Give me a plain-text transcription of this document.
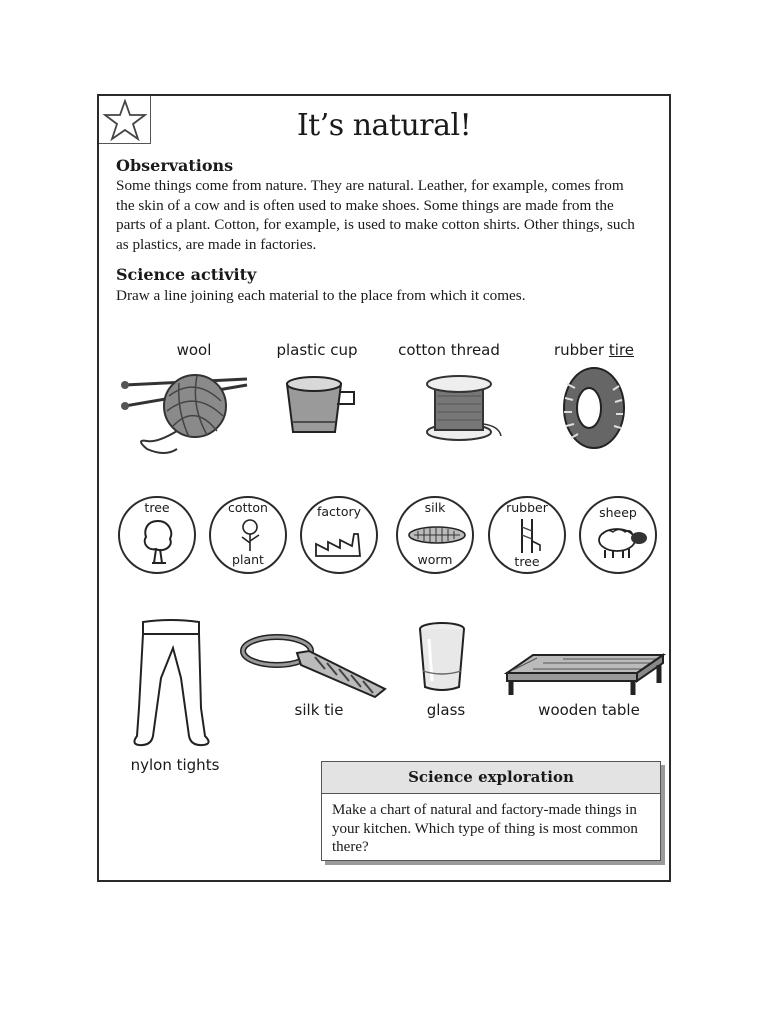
It’s natural!
Observations
Some things come from nature. They are natural. Leather, for example, comes from the skin of a cow and is often used to make shoes. Some things are made from the parts of a plant. Cotton, for example, is used to make cotton shirts. Other things, such as plastics, are made in factories.
Science activity
Draw a line joining each material to the place from which it comes.
wool	plastic cup	cotton thread	rubber tire
tree	cotton
plant
factory	silk
worm
rubber
tree
sheep
silk tie	glass	wooden table
nylon tights
Science exploration
Make a chart of natural and factory-made things in your kitchen. Which type of thing is most common there?
